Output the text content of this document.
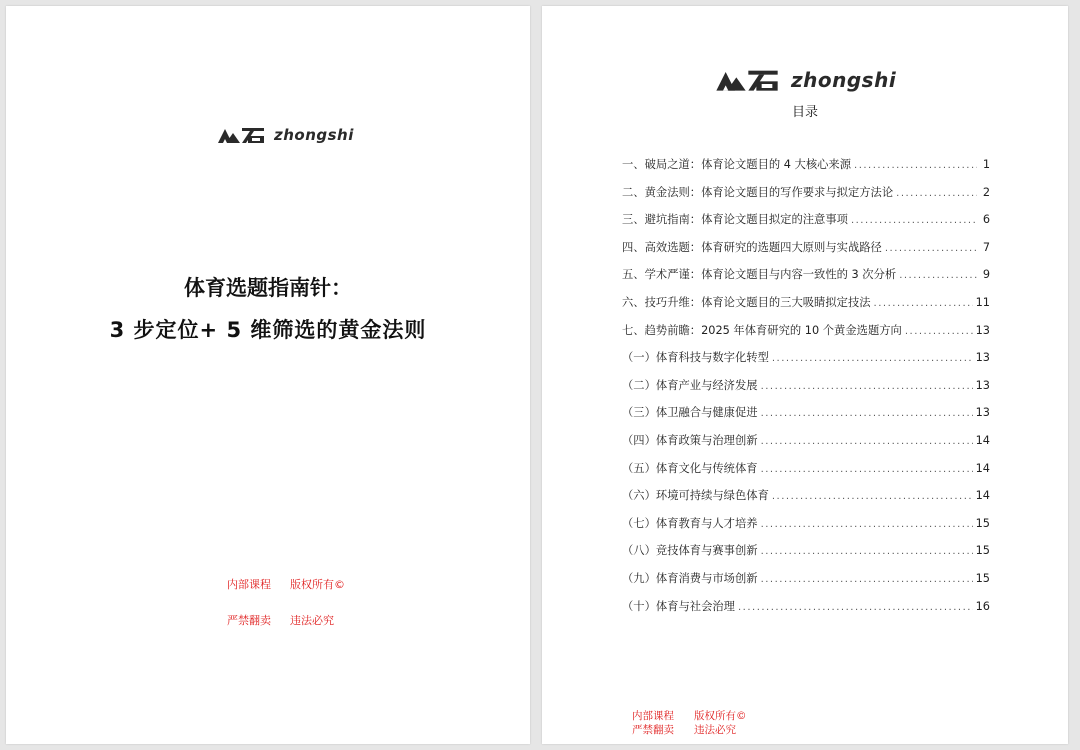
zhongshi
体育选题指南针：
3 步定位+ 5 维筛选的黄金法则
内部课程 版权所有©
严禁翻卖 违法必究
zhongshi
目录
一、破局之道：体育论文题目的 4 大核心来源 .....	1
二、黄金法则：体育论文题目的写作要求与拟定方法论 .....	2
三、避坑指南：体育论文题目拟定的注意事项 .....	6
四、高效选题：体育研究的选题四大原则与实战路径 .....	7
五、学术严谨：体育论文题目与内容一致性的 3 次分析 .....	9
六、技巧升维：体育论文题目的三大吸睛拟定技法 .....	11
七、趋势前瞻：2025 年体育研究的 10 个黄金选题方向 .....	13
（一）体育科技与数字化转型 .....	13
（二）体育产业与经济发展 .....	13
（三）体卫融合与健康促进 .....	13
（四）体育政策与治理创新 .....	14
（五）体育文化与传统体育 .....	14
（六）环境可持续与绿色体育 .....	14
（七）体育教育与人才培养 .....	15
（八）竞技体育与赛事创新 .....	15
（九）体育消费与市场创新 .....	15
（十）体育与社会治理 .....	16
内部课程 版权所有©
严禁翻卖 违法必究
